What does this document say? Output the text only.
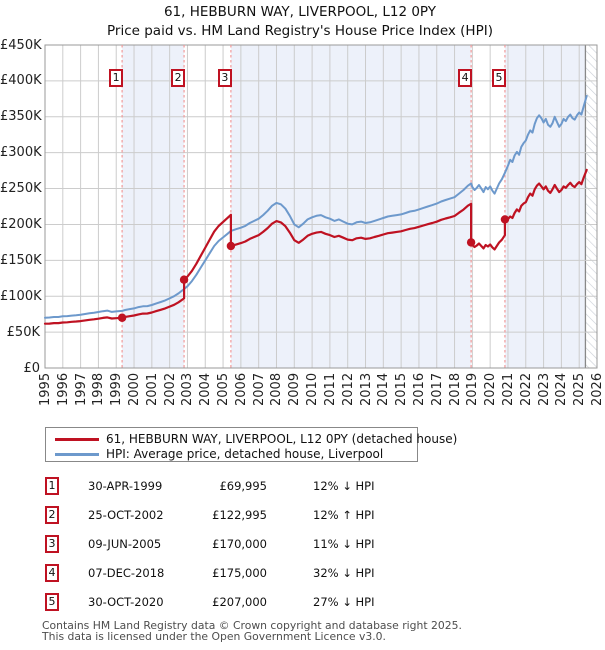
61, HEBBURN WAY, LIVERPOOL, L12 0PY
Price paid vs. HM Land Registry's House Price Index (HPI)
£0
£50K
£100K
£150K
£200K
£250K
£300K
£350K
£400K
£450K
1995 1996 1997 1998 1999 2000 2001 2002 2003 2004 2005 2006 2007 2008 2009 2010 2011 2012 2013 2014 2015 2016 2017 2018 2019 2020 2021 2022 2023 2024 2025 2026
1	2	3	4	5
61, HEBBURN WAY, LIVERPOOL, L12 0PY (detached house)
HPI: Average price, detached house, Liverpool
1	30-APR-1999	£69,995	12% ↓ HPI
2	25-OCT-2002	£122,995	12% ↑ HPI
3	09-JUN-2005	£170,000	11% ↓ HPI
4	07-DEC-2018	£175,000	32% ↓ HPI
5	30-OCT-2020	£207,000	27% ↓ HPI
Contains HM Land Registry data © Crown copyright and database right 2025.
This data is licensed under the Open Government Licence v3.0.
